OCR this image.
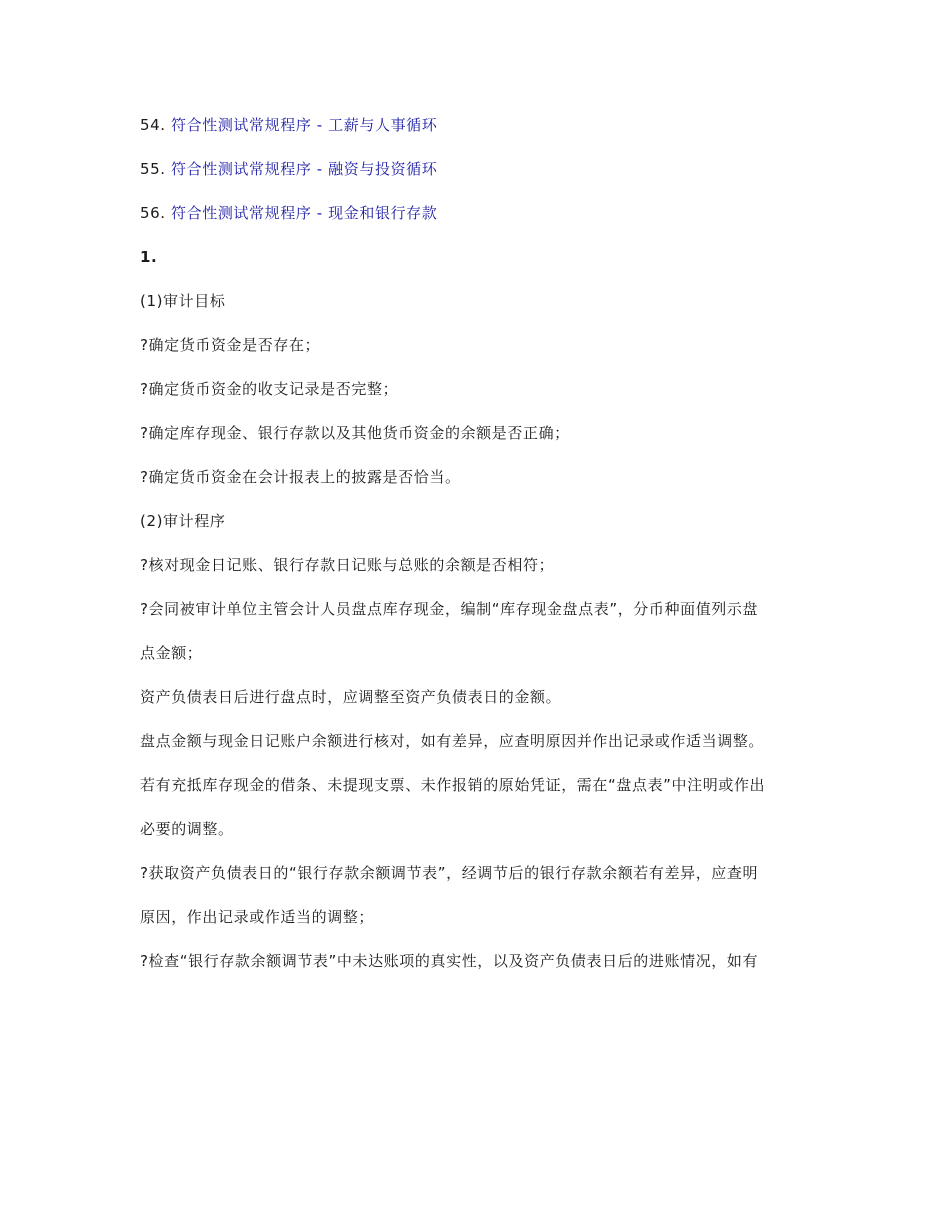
54. 符合性测试常规程序 - 工薪与人事循环

55. 符合性测试常规程序 - 融资与投资循环

56. 符合性测试常规程序 - 现金和银行存款

1.

(1)审计目标

?确定货币资金是否存在；

?确定货币资金的收支记录是否完整；

?确定库存现金、银行存款以及其他货币资金的余额是否正确；

?确定货币资金在会计报表上的披露是否恰当。

(2)审计程序

?核对现金日记账、银行存款日记账与总账的余额是否相符；

?会同被审计单位主管会计人员盘点库存现金，编制“库存现金盘点表”，分币种面值列示盘

点金额；

资产负债表日后进行盘点时，应调整至资产负债表日的金额。

盘点金额与现金日记账户余额进行核对，如有差异，应查明原因并作出记录或作适当调整。

若有充抵库存现金的借条、未提现支票、未作报销的原始凭证，需在“盘点表”中注明或作出

必要的调整。

?获取资产负债表日的“银行存款余额调节表”，经调节后的银行存款余额若有差异，应查明

原因，作出记录或作适当的调整；

?检查“银行存款余额调节表”中未达账项的真实性，以及资产负债表日后的进账情况，如有
